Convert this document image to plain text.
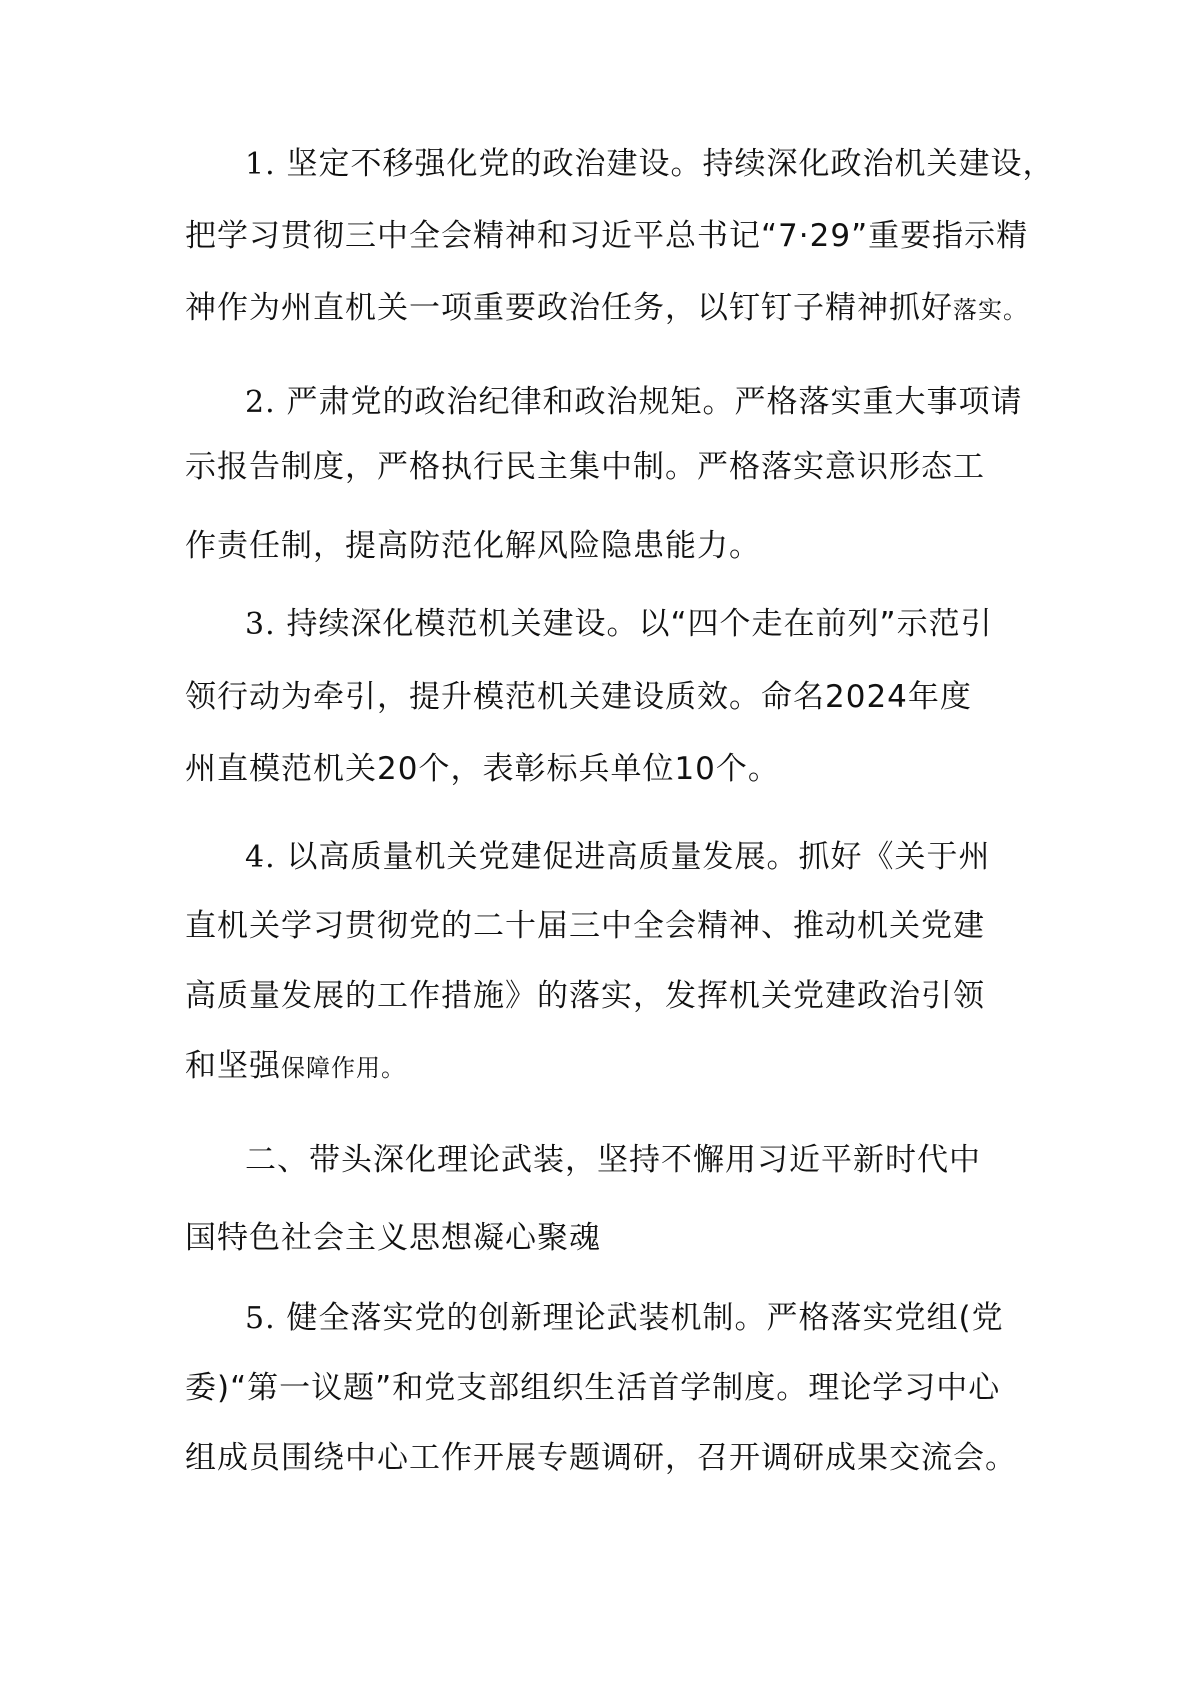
1. 坚定不移强化党的政治建设。持续深化政治机关建设，
把学习贯彻三中全会精神和习近平总书记“7·29”重要指示精
神作为州直机关一项重要政治任务，以钉钉子精神抓好落实。
2. 严肃党的政治纪律和政治规矩。严格落实重大事项请
示报告制度，严格执行民主集中制。严格落实意识形态工
作责任制，提高防范化解风险隐患能力。
3. 持续深化模范机关建设。以“四个走在前列”示范引
领行动为牵引，提升模范机关建设质效。命名2024年度
州直模范机关20个，表彰标兵单位10个。
4. 以高质量机关党建促进高质量发展。抓好《关于州
直机关学习贯彻党的二十届三中全会精神、推动机关党建
高质量发展的工作措施》的落实，发挥机关党建政治引领
和坚强保障作用。
二、带头深化理论武装，坚持不懈用习近平新时代中
国特色社会主义思想凝心聚魂
5. 健全落实党的创新理论武装机制。严格落实党组(党
委)“第一议题”和党支部组织生活首学制度。理论学习中心
组成员围绕中心工作开展专题调研，召开调研成果交流会。
